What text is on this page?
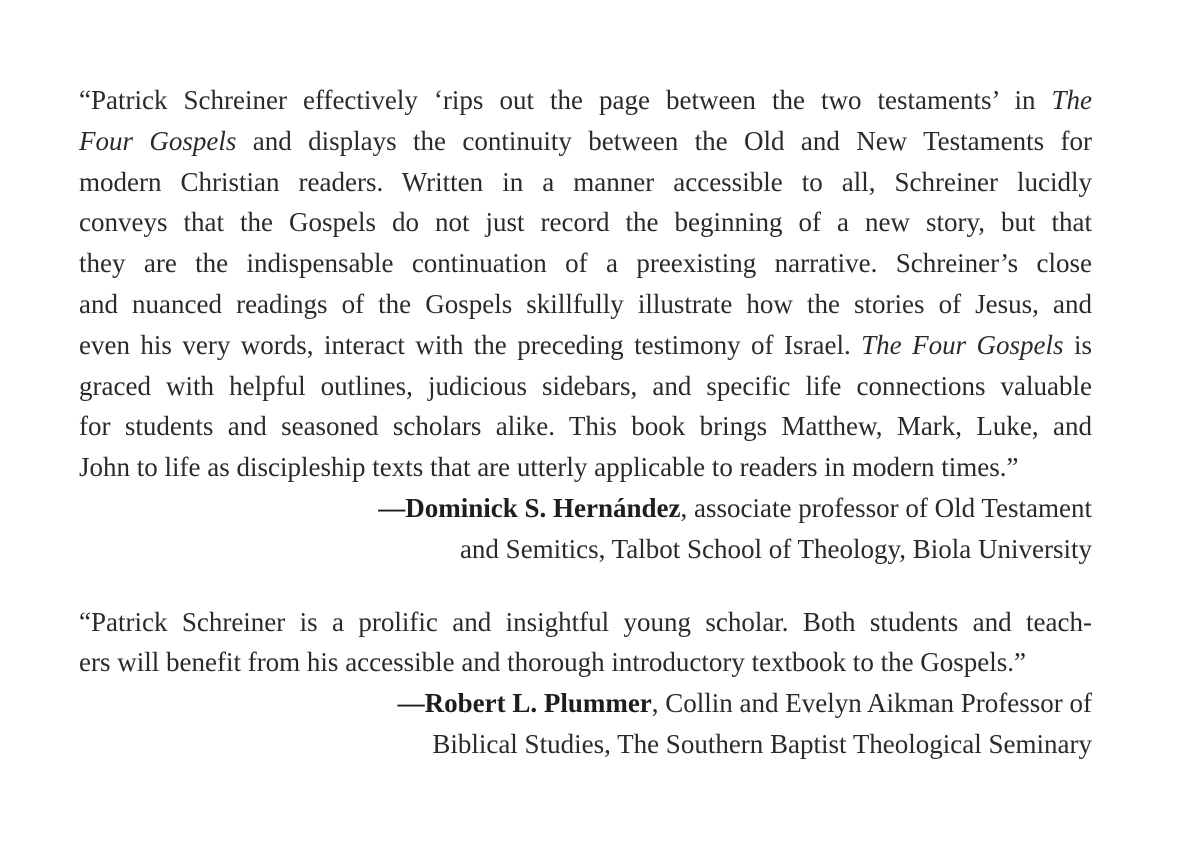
“Patrick Schreiner effectively ‘rips out the page between the two testaments’ in The
Four Gospels and displays the continuity between the Old and New Testaments for
modern Christian readers. Written in a manner accessible to all, Schreiner lucidly
conveys that the Gospels do not just record the beginning of a new story, but that
they are the indispensable continuation of a preexisting narrative. Schreiner’s close
and nuanced readings of the Gospels skillfully illustrate how the stories of Jesus, and
even his very words, interact with the preceding testimony of Israel. The Four Gospels is
graced with helpful outlines, judicious sidebars, and specific life connections valuable
for students and seasoned scholars alike. This book brings Matthew, Mark, Luke, and
John to life as discipleship texts that are utterly applicable to readers in modern times.”
—Dominick S. Hernández, associate professor of Old Testament
and Semitics, Talbot School of Theology, Biola University
“Patrick Schreiner is a prolific and insightful young scholar. Both students and teach-
ers will benefit from his accessible and thorough introductory textbook to the Gospels.”
—Robert L. Plummer, Collin and Evelyn Aikman Professor of
Biblical Studies, The Southern Baptist Theological Seminary
